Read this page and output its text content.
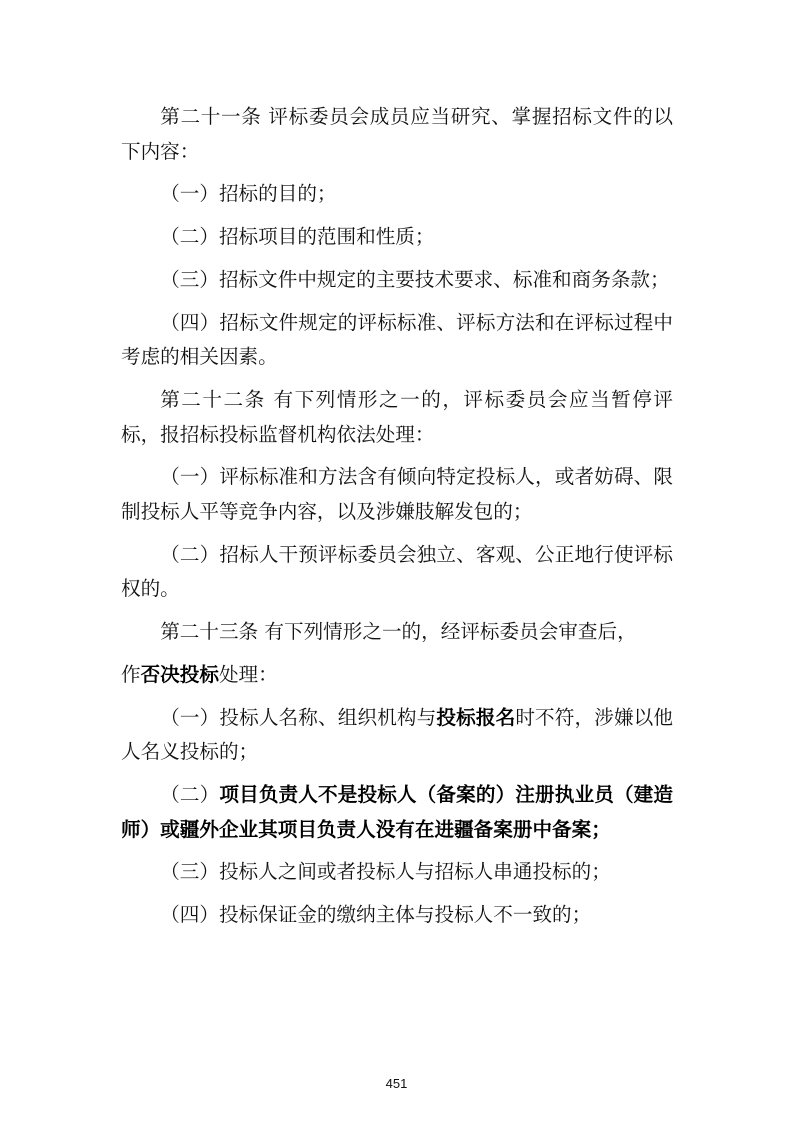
第二十一条 评标委员会成员应当研究、掌握招标文件的以下内容：

（一）招标的目的；

（二）招标项目的范围和性质；

（三）招标文件中规定的主要技术要求、标准和商务条款；

（四）招标文件规定的评标标准、评标方法和在评标过程中考虑的相关因素。

第二十二条 有下列情形之一的，评标委员会应当暂停评标，报招标投标监督机构依法处理：

（一）评标标准和方法含有倾向特定投标人，或者妨碍、限制投标人平等竞争内容，以及涉嫌肢解发包的；

（二）招标人干预评标委员会独立、客观、公正地行使评标权的。

第二十三条 有下列情形之一的，经评标委员会审查后，

作否决投标处理：

（一）投标人名称、组织机构与投标报名时不符，涉嫌以他人名义投标的；

（二）项目负责人不是投标人（备案的）注册执业员（建造师）或疆外企业其项目负责人没有在进疆备案册中备案；

（三）投标人之间或者投标人与招标人串通投标的；

（四）投标保证金的缴纳主体与投标人不一致的；

451
